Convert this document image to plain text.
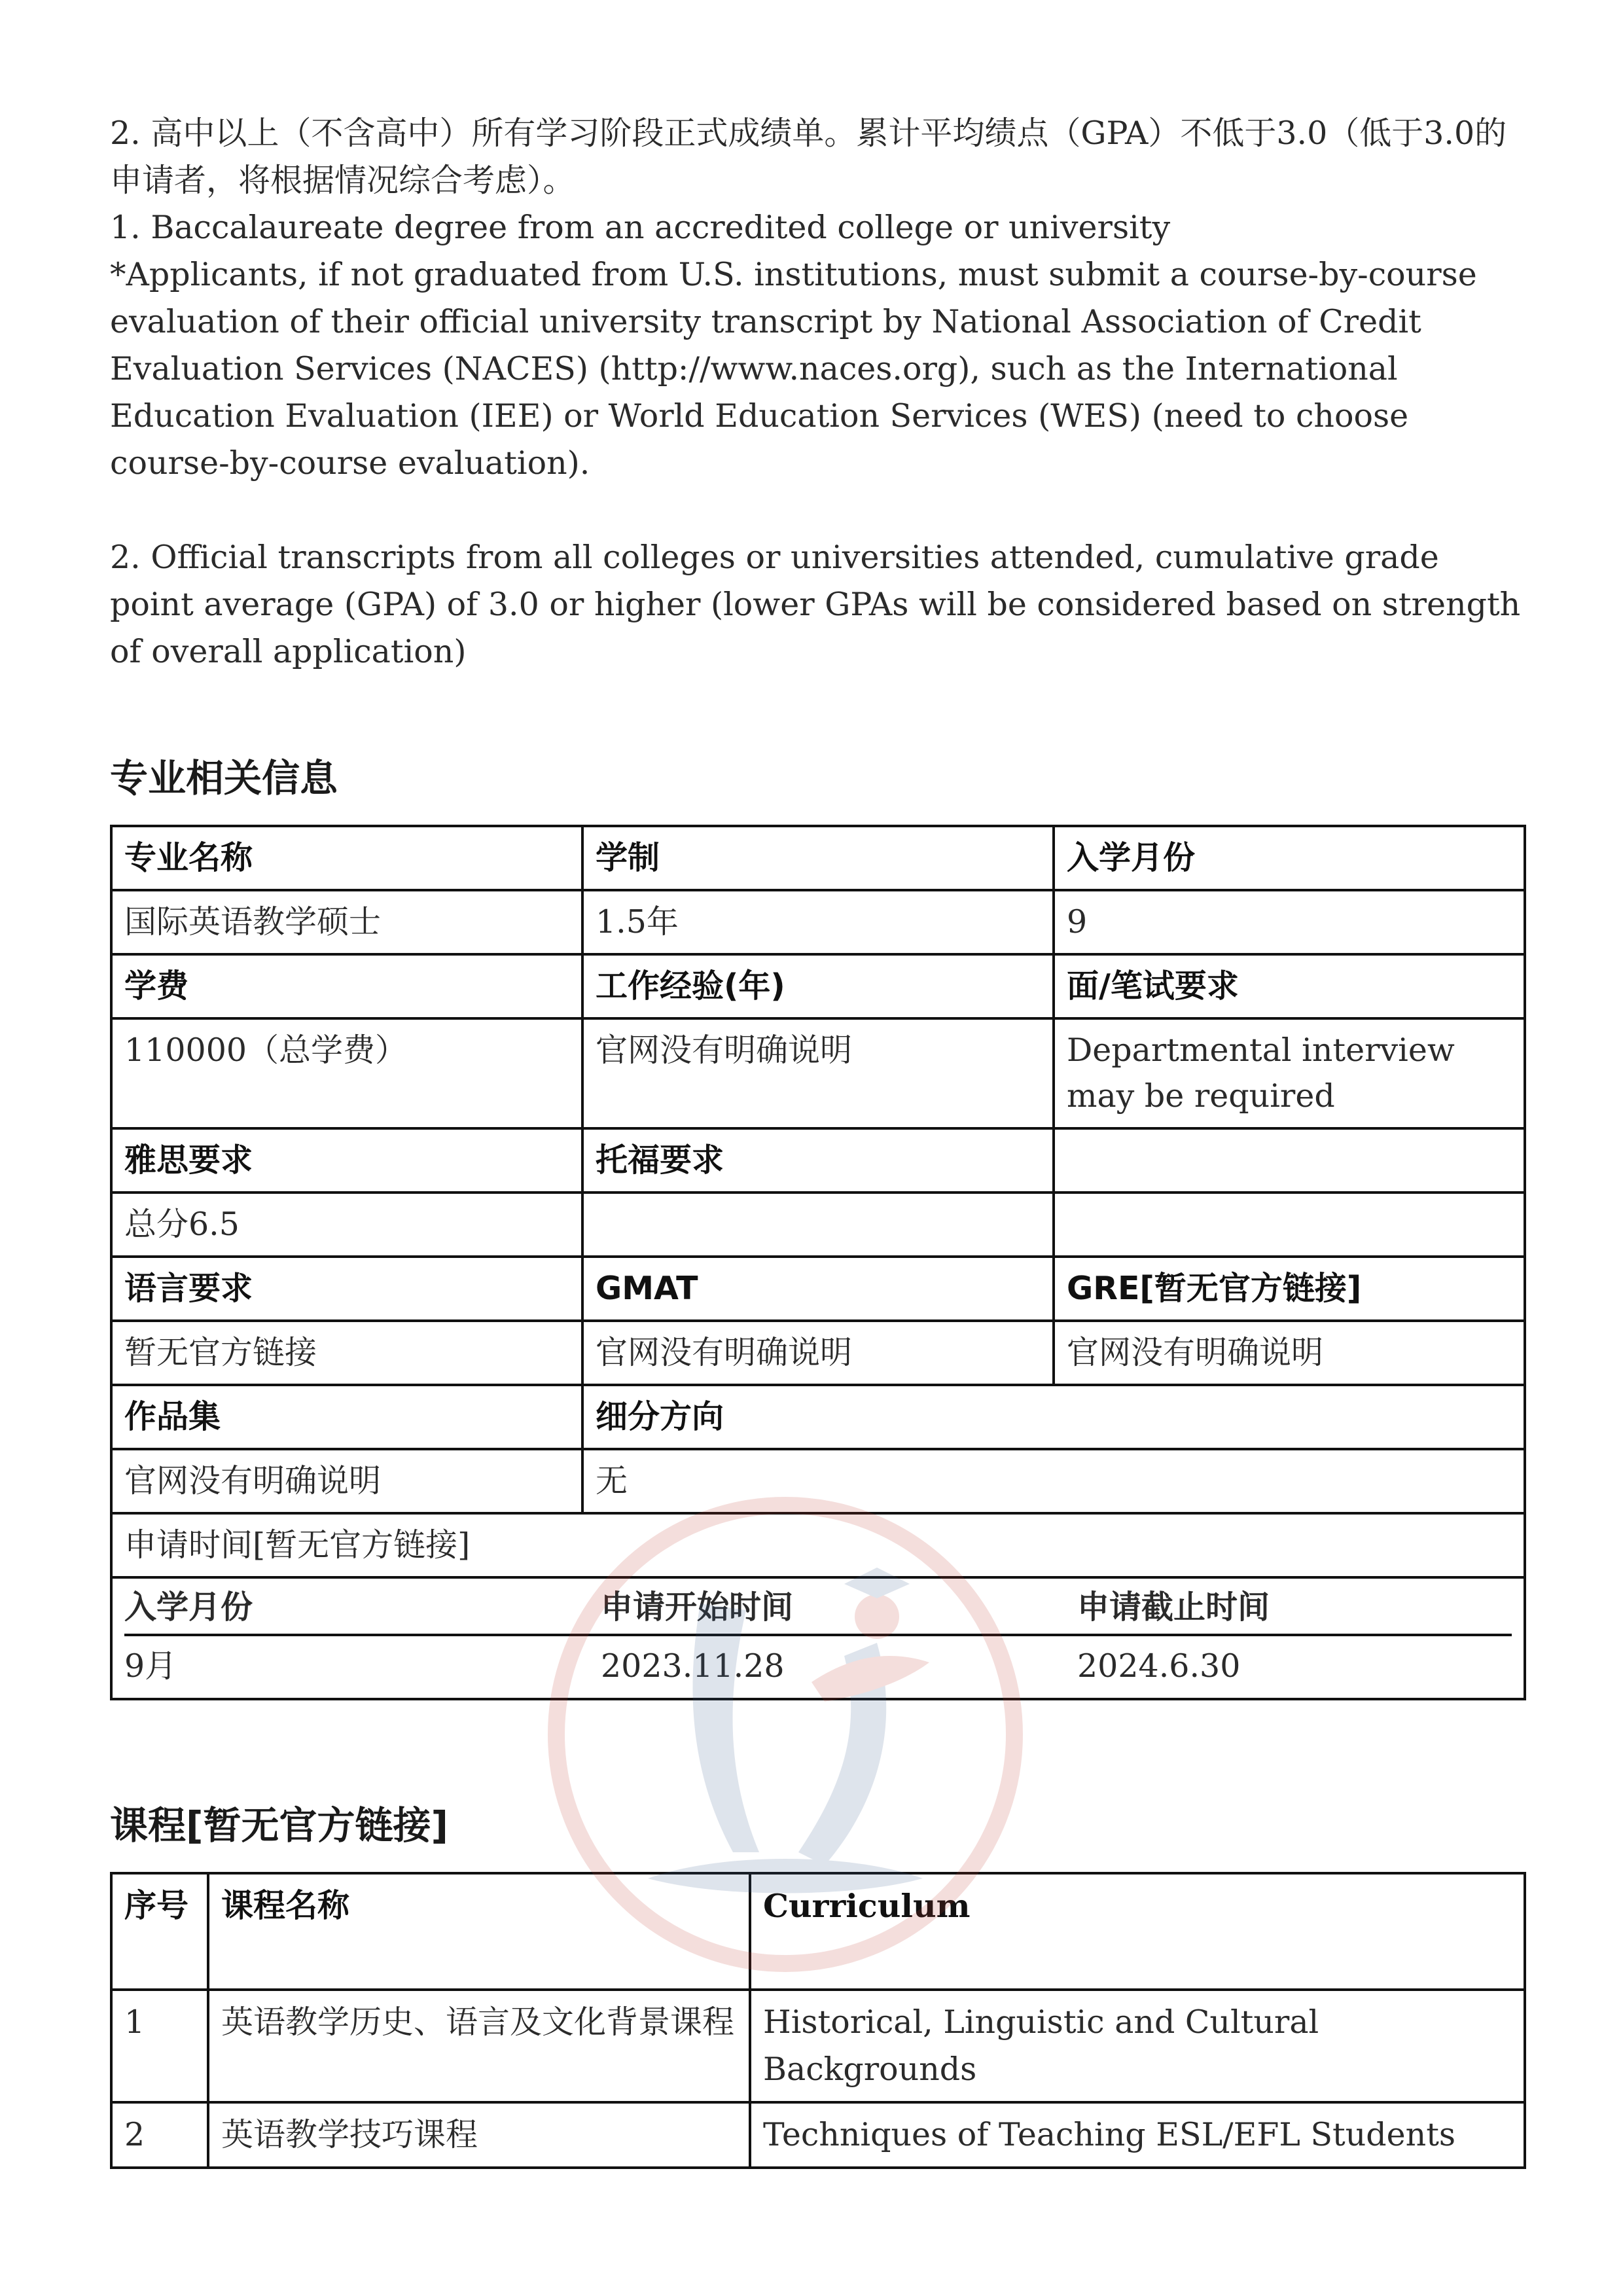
2. 高中以上（不含高中）所有学习阶段正式成绩单。累计平均绩点（GPA）不低于3.0（低于3.0的申请者，将根据情况综合考虑）。

1. Baccalaureate degree from an accredited college or university

*Applicants, if not graduated from U.S. institutions, must submit a course-by-course evaluation of their official university transcript by National Association of Credit Evaluation Services (NACES) (http://www.naces.org), such as the International Education Evaluation (IEE) or World Education Services (WES) (need to choose course-by-course evaluation).

2. Official transcripts from all colleges or universities attended, cumulative grade point average (GPA) of 3.0 or higher (lower GPAs will be considered based on strength of overall application)

专业相关信息
专业名称	学制	入学月份
国际英语教学硕士	1.5年	9
学费	工作经验(年)	面/笔试要求
110000（总学费）	官网没有明确说明	Departmental interview may be required
雅思要求	托福要求	
总分6.5		
语言要求	GMAT	GRE[暂无官方链接]
暂无官方链接	官网没有明确说明	官网没有明确说明
作品集	细分方向
官网没有明确说明	无
申请时间[暂无官方链接]

入学月份	申请开始时间	申请截止时间
9月	2023.11.28	2024.6.30
课程[暂无官方链接]
序号	课程名称	Curriculum
1	英语教学历史、语言及文化背景课程	Historical, Linguistic and Cultural Backgrounds
2	英语教学技巧课程	Techniques of Teaching ESL/EFL Students
